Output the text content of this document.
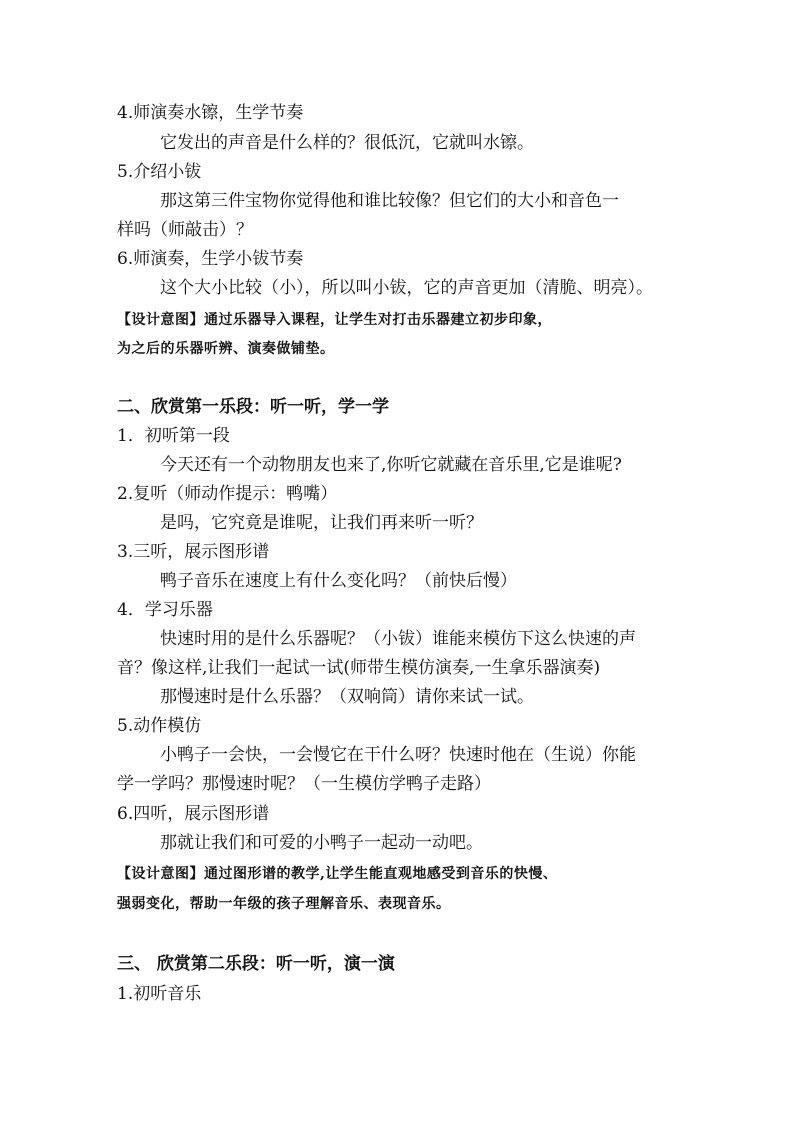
4.师演奏水镲，生学节奏
它发出的声音是什么样的？很低沉，它就叫水镲。
5.介绍小钹
那这第三件宝物你觉得他和谁比较像？但它们的大小和音色一
样吗（师敲击）？
6.师演奏，生学小钹节奏
这个大小比较（小），所以叫小钹，它的声音更加（清脆、明亮）。
【设计意图】通过乐器导入课程，让学生对打击乐器建立初步印象，
为之后的乐器听辨、演奏做铺垫。
二、欣赏第一乐段：听一听，学一学
1．初听第一段
今天还有一个动物朋友也来了,你听它就藏在音乐里,它是谁呢?
2.复听（师动作提示：鸭嘴）
是吗，它究竟是谁呢，让我们再来听一听？
3.三听，展示图形谱
鸭子音乐在速度上有什么变化吗？（前快后慢）
4．学习乐器
快速时用的是什么乐器呢？（小钹）谁能来模仿下这么快速的声
音？像这样,让我们一起试一试(师带生模仿演奏,一生拿乐器演奏)
那慢速时是什么乐器？（双响筒）请你来试一试。
5.动作模仿
小鸭子一会快，一会慢它在干什么呀？快速时他在（生说）你能
学一学吗？那慢速时呢？（一生模仿学鸭子走路）
6.四听，展示图形谱
那就让我们和可爱的小鸭子一起动一动吧。
【设计意图】通过图形谱的教学,让学生能直观地感受到音乐的快慢、
强弱变化，帮助一年级的孩子理解音乐、表现音乐。
三、 欣赏第二乐段：听一听，演一演
1.初听音乐
